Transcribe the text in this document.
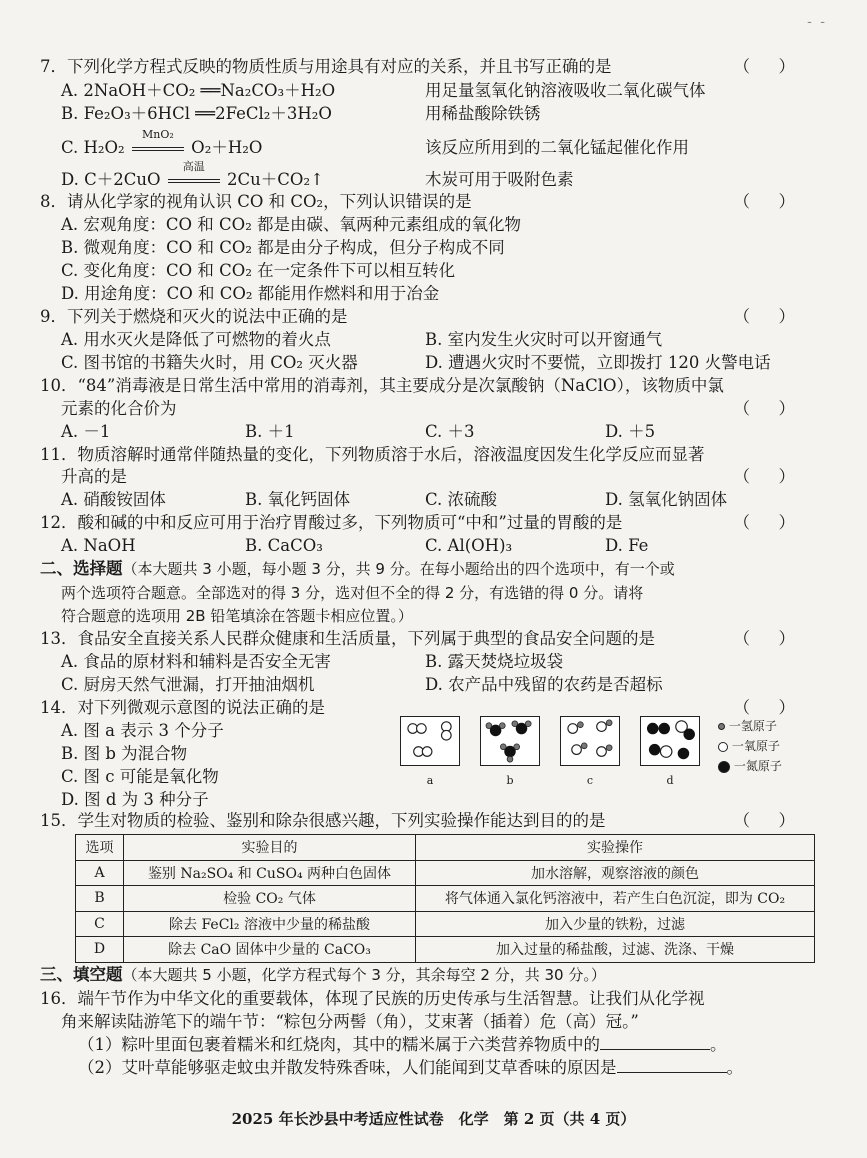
- -
7．下列化学方程式反映的物质性质与用途具有对应的关系，并且书写正确的是	（　）
A. 2NaOH＋CO₂ ══Na₂CO₃＋H₂O	用足量氢氧化钠溶液吸收二氧化碳气体
B. Fe₂O₃＋6HCl ══2FeCl₂＋3H₂O	用稀盐酸除铁锈
C. H₂O₂
MnO₂
O₂＋H₂O	该反应所用到的二氧化锰起催化作用
D. C＋2CuO
高温
2Cu＋CO₂↑	木炭可用于吸附色素
8．请从化学家的视角认识 CO 和 CO₂，下列认识错误的是	（　）
A. 宏观角度：CO 和 CO₂ 都是由碳、氧两种元素组成的氧化物
B. 微观角度：CO 和 CO₂ 都是由分子构成，但分子构成不同
C. 变化角度：CO 和 CO₂ 在一定条件下可以相互转化
D. 用途角度：CO 和 CO₂ 都能用作燃料和用于冶金
9．下列关于燃烧和灭火的说法中正确的是	（　）
A. 用水灭火是降低了可燃物的着火点	B. 室内发生火灾时可以开窗通气
C. 图书馆的书籍失火时，用 CO₂ 灭火器	D. 遭遇火灾时不要慌，立即拨打 120 火警电话
10．“84”消毒液是日常生活中常用的消毒剂，其主要成分是次氯酸钠（NaClO），该物质中氯
元素的化合价为	（　）
A. －1	B. ＋1	C. ＋3	D. ＋5
11．物质溶解时通常伴随热量的变化，下列物质溶于水后，溶液温度因发生化学反应而显著
升高的是	（　）
A. 硝酸铵固体	B. 氧化钙固体	C. 浓硫酸	D. 氢氧化钠固体
12．酸和碱的中和反应可用于治疗胃酸过多，下列物质可“中和”过量的胃酸的是	（　）
A. NaOH	B. CaCO₃	C. Al(OH)₃	D. Fe
二、选择题（本大题共 3 小题，每小题 3 分，共 9 分。在每小题给出的四个选项中，有一个或
两个选项符合题意。全部选对的得 3 分，选对但不全的得 2 分，有选错的得 0 分。请将
符合题意的选项用 2B 铅笔填涂在答题卡相应位置。）
13．食品安全直接关系人民群众健康和生活质量，下列属于典型的食品安全问题的是	（　）
A. 食品的原材料和辅料是否安全无害	B. 露天焚烧垃圾袋
C. 厨房天然气泄漏，打开抽油烟机	D. 农产品中残留的农药是否超标
14．对下列微观示意图的说法正确的是	（　）
A. 图 a 表示 3 个分子
B. 图 b 为混合物
C. 图 c 可能是氧化物
D. 图 d 为 3 种分子
a	b	c	d
一氢原子
一氧原子
一氮原子
15．学生对物质的检验、鉴别和除杂很感兴趣，下列实验操作能达到目的的是	（　）
选项	实验目的	实验操作
A	鉴别 Na₂SO₄ 和 CuSO₄ 两种白色固体	加水溶解，观察溶液的颜色
B	检验 CO₂ 气体	将气体通入氯化钙溶液中，若产生白色沉淀，即为 CO₂
C	除去 FeCl₂ 溶液中少量的稀盐酸	加入少量的铁粉，过滤
D	除去 CaO 固体中少量的 CaCO₃	加入过量的稀盐酸，过滤、洗涤、干燥
三、填空题（本大题共 5 小题，化学方程式每个 3 分，其余每空 2 分，共 30 分。）
16．端午节作为中华文化的重要载体，体现了民族的历史传承与生活智慧。让我们从化学视
角来解读陆游笔下的端午节：“粽包分两髻（角），艾束著（插着）危（高）冠。”
（1）粽叶里面包裹着糯米和红烧肉，其中的糯米属于六类营养物质中的	。
（2）艾叶草能够驱走蚊虫并散发特殊香味，人们能闻到艾草香味的原因是	。
2025 年长沙县中考适应性试卷　化学　第 2 页（共 4 页）
